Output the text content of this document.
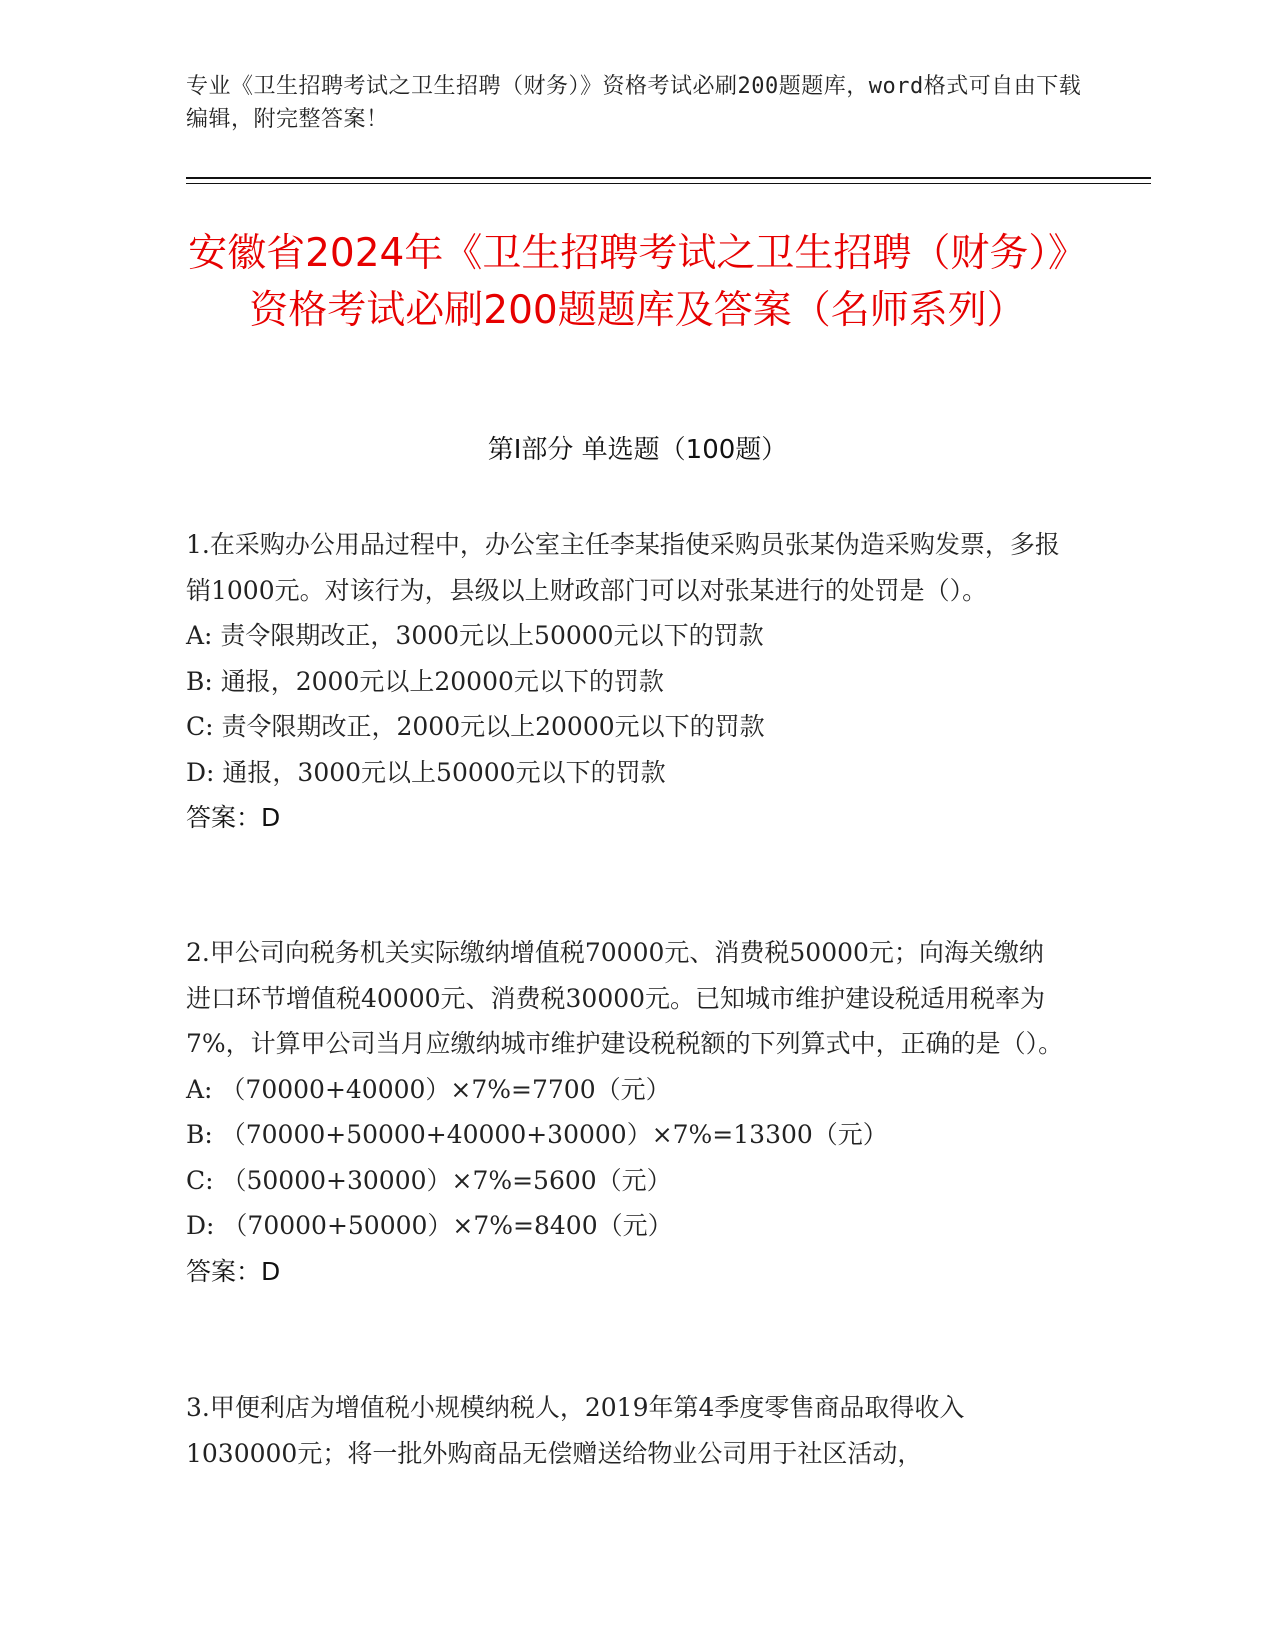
专业《卫生招聘考试之卫生招聘（财务）》资格考试必刷200题题库，word格式可自由下载编辑，附完整答案！
安徽省2024年《卫生招聘考试之卫生招聘（财务）》资格考试必刷200题题库及答案（名师系列）
第Ⅰ部分 单选题（100题）

1.在采购办公用品过程中，办公室主任李某指使采购员张某伪造采购发票，多报销1000元。对该行为，县级以上财政部门可以对张某进行的处罚是（）。

A: 责令限期改正，3000元以上50000元以下的罚款

B: 通报，2000元以上20000元以下的罚款

C: 责令限期改正，2000元以上20000元以下的罚款

D: 通报，3000元以上50000元以下的罚款

答案：D

2.甲公司向税务机关实际缴纳增值税70000元、消费税50000元；向海关缴纳进口环节增值税40000元、消费税30000元。已知城市维护建设税适用税率为7%，计算甲公司当月应缴纳城市维护建设税税额的下列算式中，正确的是（）。

A: （70000+40000）×7%=7700（元）

B: （70000+50000+40000+30000）×7%=13300（元）

C: （50000+30000）×7%=5600（元）

D: （70000+50000）×7%=8400（元）

答案：D

3.甲便利店为增值税小规模纳税人，2019年第4季度零售商品取得收入1030000元；将一批外购商品无偿赠送给物业公司用于社区活动，
